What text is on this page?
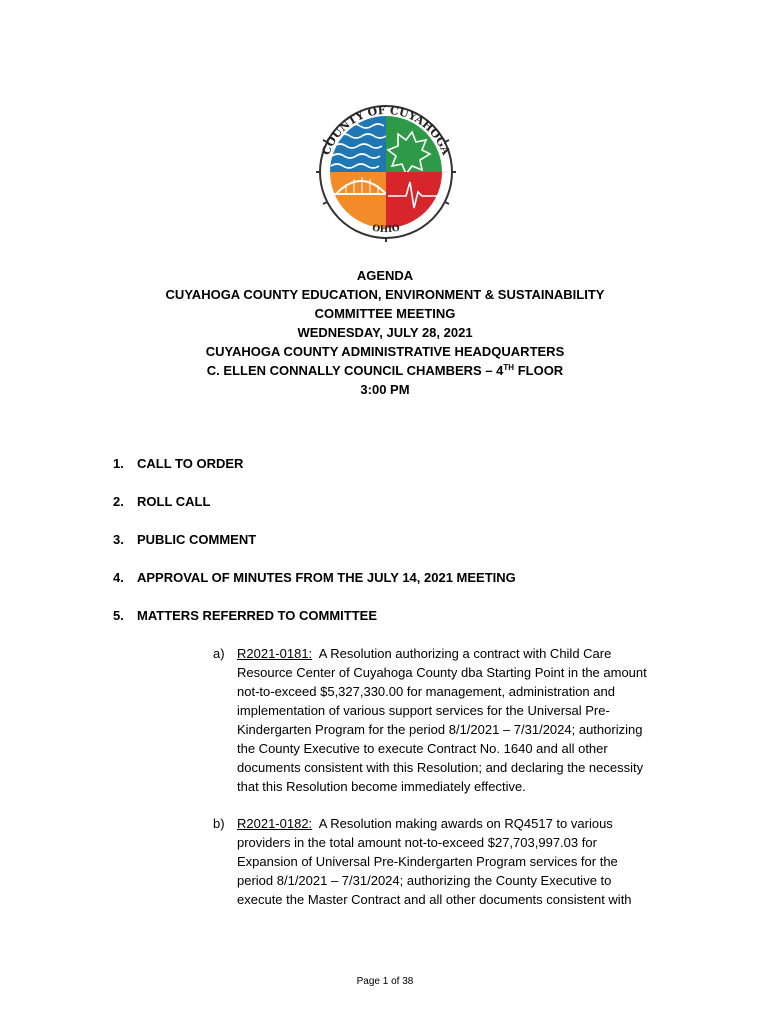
COUNTY OF CUYAHOGA
OHIO
AGENDA
CUYAHOGA COUNTY EDUCATION, ENVIRONMENT & SUSTAINABILITY
COMMITTEE MEETING
WEDNESDAY, JULY 28, 2021
CUYAHOGA COUNTY ADMINISTRATIVE HEADQUARTERS
C. ELLEN CONNALLY COUNCIL CHAMBERS – 4TH FLOOR
3:00 PM
1. CALL TO ORDER
2. ROLL CALL
3. PUBLIC COMMENT
4. APPROVAL OF MINUTES FROM THE JULY 14, 2021 MEETING
5. MATTERS REFERRED TO COMMITTEE
a) R2021-0181: A Resolution authorizing a contract with Child Care Resource Center of Cuyahoga County dba Starting Point in the amount not-to-exceed $5,327,330.00 for management, administration and implementation of various support services for the Universal Pre-Kindergarten Program for the period 8/1/2021 – 7/31/2024; authorizing the County Executive to execute Contract No. 1640 and all other documents consistent with this Resolution; and declaring the necessity that this Resolution become immediately effective.
b) R2021-0182: A Resolution making awards on RQ4517 to various providers in the total amount not-to-exceed $27,703,997.03 for Expansion of Universal Pre-Kindergarten Program services for the period 8/1/2021 – 7/31/2024; authorizing the County Executive to execute the Master Contract and all other documents consistent with
Page 1 of 38
